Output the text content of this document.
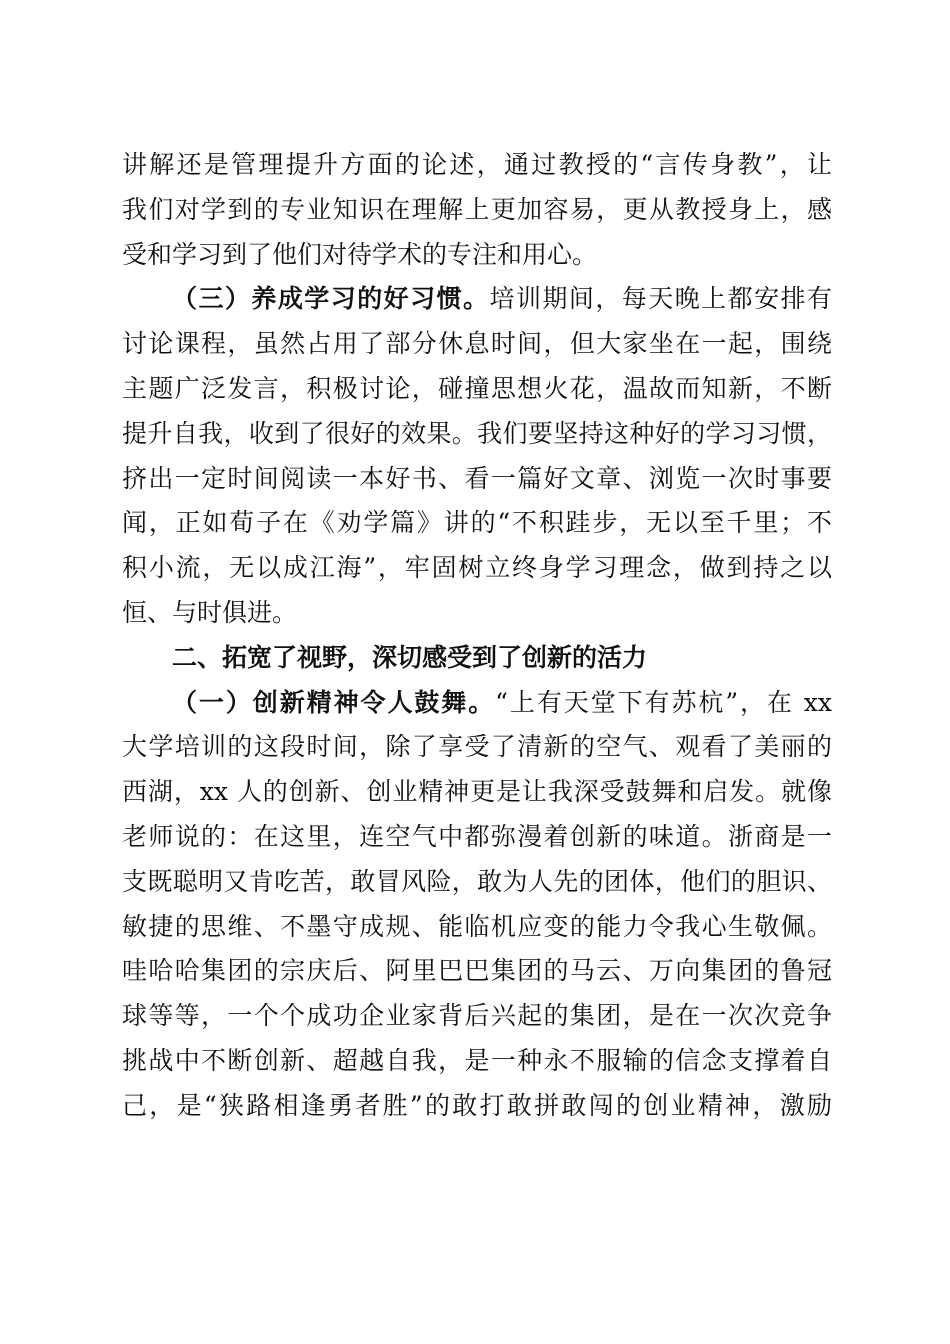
讲解还是管理提升方面的论述，通过教授的“言传身教”，让
我们对学到的专业知识在理解上更加容易，更从教授身上，感
受和学习到了他们对待学术的专注和用心。
（三）养成学习的好习惯。培训期间，每天晚上都安排有
讨论课程，虽然占用了部分休息时间，但大家坐在一起，围绕
主题广泛发言，积极讨论，碰撞思想火花，温故而知新，不断
提升自我，收到了很好的效果。我们要坚持这种好的学习习惯，
挤出一定时间阅读一本好书、看一篇好文章、浏览一次时事要
闻，正如荀子在《劝学篇》讲的“不积跬步，无以至千里；不
积小流，无以成江海”，牢固树立终身学习理念，做到持之以
恒、与时俱进。
二、拓宽了视野，深切感受到了创新的活力
（一）创新精神令人鼓舞。“上有天堂下有苏杭”，在 xx
大学培训的这段时间，除了享受了清新的空气、观看了美丽的
西湖，xx 人的创新、创业精神更是让我深受鼓舞和启发。就像
老师说的：在这里，连空气中都弥漫着创新的味道。浙商是一
支既聪明又肯吃苦，敢冒风险，敢为人先的团体，他们的胆识、
敏捷的思维、不墨守成规、能临机应变的能力令我心生敬佩。
哇哈哈集团的宗庆后、阿里巴巴集团的马云、万向集团的鲁冠
球等等，一个个成功企业家背后兴起的集团，是在一次次竞争
挑战中不断创新、超越自我，是一种永不服输的信念支撑着自
己，是“狭路相逢勇者胜”的敢打敢拼敢闯的创业精神，激励
